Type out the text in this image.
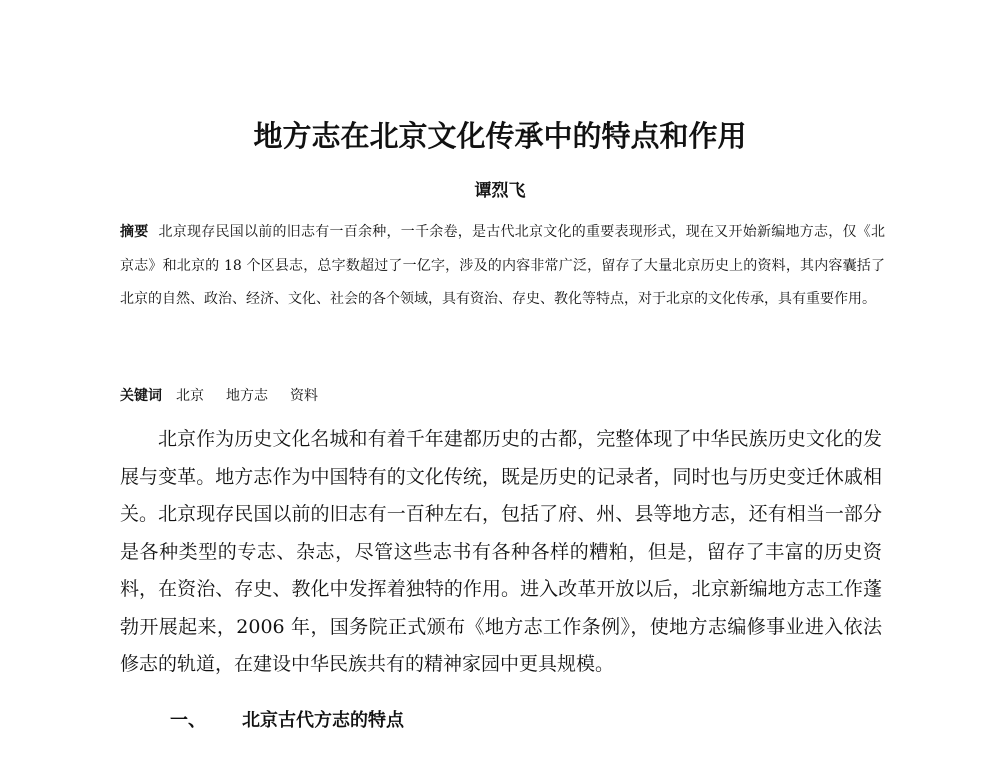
地方志在北京文化传承中的特点和作用
谭烈飞
摘要 北京现存民国以前的旧志有一百余种，一千余卷，是古代北京文化的重要表现形式，现在又开始新编地方志，仅《北京志》和北京的 18 个区县志，总字数超过了一亿字，涉及的内容非常广泛，留存了大量北京历史上的资料，其内容囊括了北京的自然、政治、经济、文化、社会的各个领域，具有资治、存史、教化等特点，对于北京的文化传承，具有重要作用。
关键词 北京 地方志 资料
北京作为历史文化名城和有着千年建都历史的古都，完整体现了中华民族历史文化的发展与变革。地方志作为中国特有的文化传统，既是历史的记录者，同时也与历史变迁休戚相关。北京现存民国以前的旧志有一百种左右，包括了府、州、县等地方志，还有相当一部分是各种类型的专志、杂志，尽管这些志书有各种各样的糟粕，但是，留存了丰富的历史资料，在资治、存史、教化中发挥着独特的作用。进入改革开放以后，北京新编地方志工作蓬勃开展起来，2006 年，国务院正式颁布《地方志工作条例》，使地方志编修事业进入依法修志的轨道，在建设中华民族共有的精神家园中更具规模。
一、 北京古代方志的特点
